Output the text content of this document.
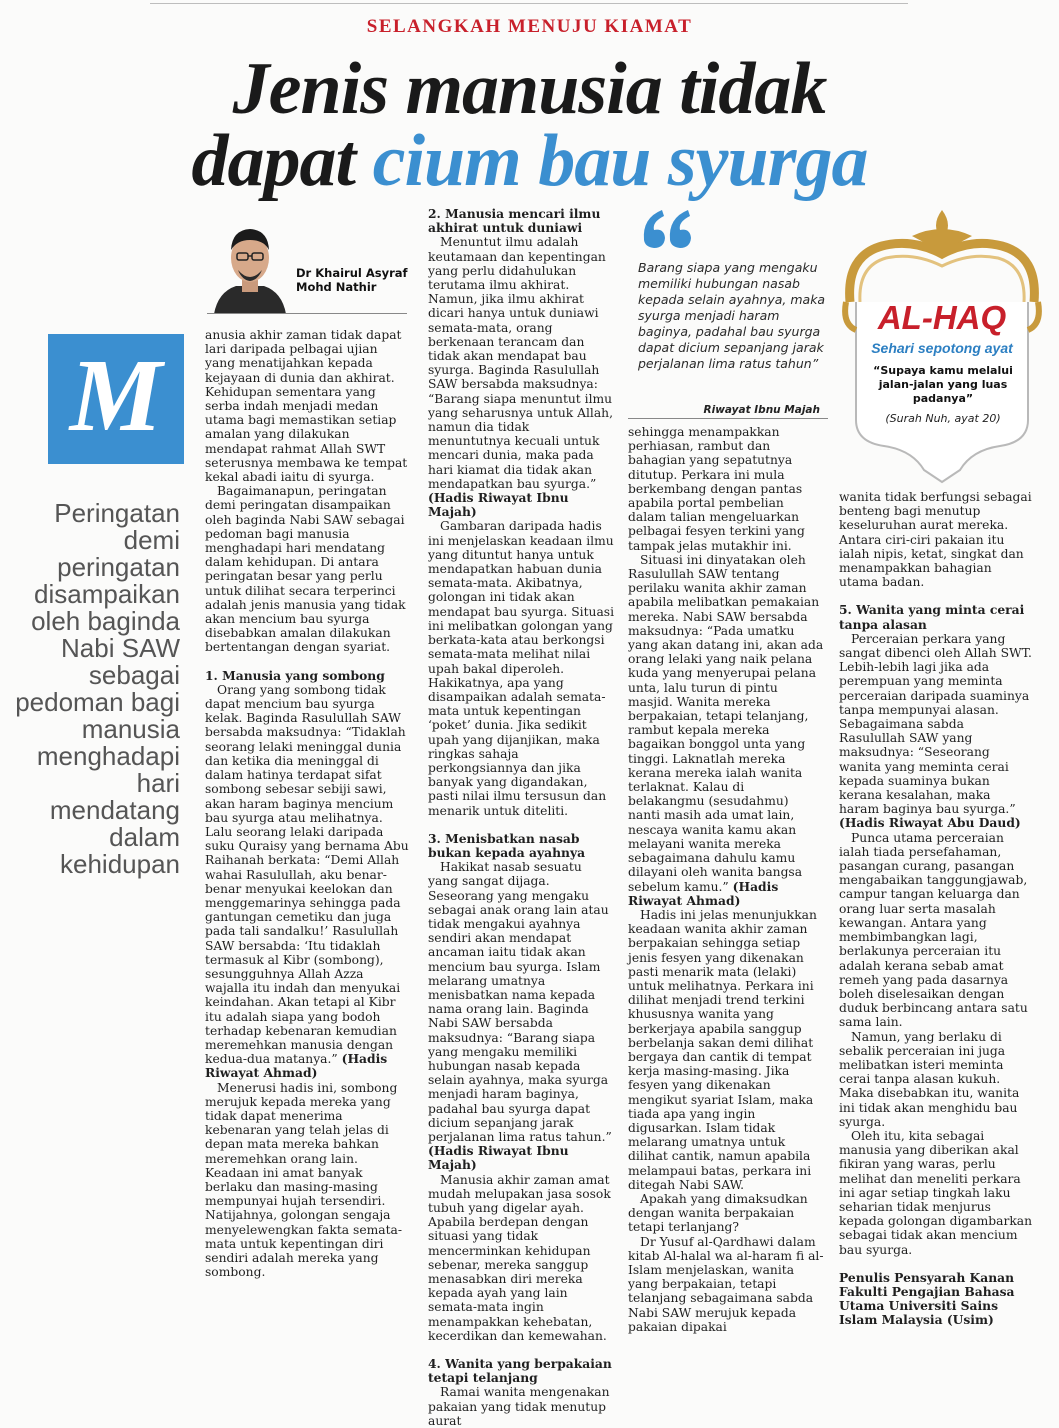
SELANGKAH MENUJU KIAMAT
Jenis manusia tidak
dapat cium bau syurga
Dr Khairul Asyraf
Mohd Nathir
M
Peringatan demi peringatan disampaikan oleh baginda Nabi SAW sebagai pedoman bagi manusia menghadapi hari mendatang dalam kehidupan

anusia akhir zaman tidak dapat lari daripada pelbagai ujian yang menatijahkan kepada kejayaan di dunia dan akhirat. Kehidupan sementara yang serba indah menjadi medan utama bagi memastikan setiap amalan yang dilakukan mendapat rahmat Allah SWT seterusnya membawa ke tempat kekal abadi iaitu di syurga.

Bagaimanapun, peringatan demi peringatan disampaikan oleh baginda Nabi SAW sebagai pedoman bagi manusia menghadapi hari mendatang dalam kehidupan. Di antara peringatan besar yang perlu untuk dilihat secara terperinci adalah jenis manusia yang tidak akan mencium bau syurga disebabkan amalan dilakukan bertentangan dengan syariat.

1. Manusia yang sombong

Orang yang sombong tidak dapat mencium bau syurga kelak. Baginda Rasulullah SAW bersabda maksudnya: “Tidaklah seorang lelaki meninggal dunia dan ketika dia meninggal di dalam hatinya terdapat sifat sombong sebesar sebiji sawi, akan haram baginya mencium bau syurga atau melihatnya. Lalu seorang lelaki daripada suku Quraisy yang bernama Abu Raihanah berkata: “Demi Allah wahai Rasulullah, aku benar-benar menyukai keelokan dan menggemarinya sehingga pada gantungan cemetiku dan juga pada tali sandalku!’ Rasulullah SAW bersabda: ‘Itu tidaklah termasuk al Kibr (sombong), sesungguhnya Allah Azza wajalla itu indah dan menyukai keindahan. Akan tetapi al Kibr itu adalah siapa yang bodoh terhadap kebenaran kemudian meremehkan manusia dengan kedua-dua matanya.” (Hadis Riwayat Ahmad)

Menerusi hadis ini, sombong merujuk kepada mereka yang tidak dapat menerima kebenaran yang telah jelas di depan mata mereka bahkan meremehkan orang lain. Keadaan ini amat banyak berlaku dan masing-masing mempunyai hujah tersendiri. Natijahnya, golongan sengaja menyelewengkan fakta semata-mata untuk kepentingan diri sendiri adalah mereka yang sombong.

2. Manusia mencari ilmu akhirat untuk duniawi

Menuntut ilmu adalah keutamaan dan kepentingan yang perlu didahulukan terutama ilmu akhirat. Namun, jika ilmu akhirat dicari hanya untuk duniawi semata-mata, orang berkenaan terancam dan tidak akan mendapat bau syurga. Baginda Rasulullah SAW bersabda maksudnya: “Barang siapa menuntut ilmu yang seharusnya untuk Allah, namun dia tidak menuntutnya kecuali untuk mencari dunia, maka pada hari kiamat dia tidak akan mendapatkan bau syurga.” (Hadis Riwayat Ibnu Majah)

Gambaran daripada hadis ini menjelaskan keadaan ilmu yang dituntut hanya untuk mendapatkan habuan dunia semata-mata. Akibatnya, golongan ini tidak akan mendapat bau syurga. Situasi ini melibatkan golongan yang berkata-kata atau berkongsi semata-mata melihat nilai upah bakal diperoleh. Hakikatnya, apa yang disampaikan adalah semata-mata untuk kepentingan ‘poket’ dunia. Jika sedikit upah yang dijanjikan, maka ringkas sahaja perkongsiannya dan jika banyak yang digandakan, pasti nilai ilmu tersusun dan menarik untuk diteliti.

3. Menisbatkan nasab bukan kepada ayahnya

Hakikat nasab sesuatu yang sangat dijaga. Seseorang yang mengaku sebagai anak orang lain atau tidak mengakui ayahnya sendiri akan mendapat ancaman iaitu tidak akan mencium bau syurga. Islam melarang umatnya menisbatkan nama kepada nama orang lain. Baginda Nabi SAW bersabda maksudnya: “Barang siapa yang mengaku memiliki hubungan nasab kepada selain ayahnya, maka syurga menjadi haram baginya, padahal bau syurga dapat dicium sepanjang jarak perjalanan lima ratus tahun.” (Hadis Riwayat Ibnu Majah)

Manusia akhir zaman amat mudah melupakan jasa sosok tubuh yang digelar ayah. Apabila berdepan dengan situasi yang tidak mencerminkan kehidupan sebenar, mereka sanggup menasabkan diri mereka kepada ayah yang lain semata-mata ingin menampakkan kehebatan, kecerdikan dan kemewahan.

4. Wanita yang berpakaian tetapi telanjang

Ramai wanita mengenakan pakaian yang tidak menutup aurat

Barang siapa yang mengaku memiliki hubungan nasab kepada selain ayahnya, maka syurga menjadi haram baginya, padahal bau syurga dapat dicium sepanjang jarak perjalanan lima ratus tahun”
Riwayat Ibnu Majah

sehingga menampakkan perhiasan, rambut dan bahagian yang sepatutnya ditutup. Perkara ini mula berkembang dengan pantas apabila portal pembelian dalam talian mengeluarkan pelbagai fesyen terkini yang tampak jelas mutakhir ini.

Situasi ini dinyatakan oleh Rasulullah SAW tentang perilaku wanita akhir zaman apabila melibatkan pemakaian mereka. Nabi SAW bersabda maksudnya: “Pada umatku yang akan datang ini, akan ada orang lelaki yang naik pelana kuda yang menyerupai pelana unta, lalu turun di pintu masjid. Wanita mereka berpakaian, tetapi telanjang, rambut kepala mereka bagaikan bonggol unta yang tinggi. Laknatlah mereka kerana mereka ialah wanita terlaknat. Kalau di belakangmu (sesudahmu) nanti masih ada umat lain, nescaya wanita kamu akan melayani wanita mereka sebagaimana dahulu kamu dilayani oleh wanita bangsa sebelum kamu.” (Hadis Riwayat Ahmad)

Hadis ini jelas menunjukkan keadaan wanita akhir zaman berpakaian sehingga setiap jenis fesyen yang dikenakan pasti menarik mata (lelaki) untuk melihatnya. Perkara ini dilihat menjadi trend terkini khususnya wanita yang berkerjaya apabila sanggup berbelanja sakan demi dilihat bergaya dan cantik di tempat kerja masing-masing. Jika fesyen yang dikenakan mengikut syariat Islam, maka tiada apa yang ingin digusarkan. Islam tidak melarang umatnya untuk dilihat cantik, namun apabila melampaui batas, perkara ini ditegah Nabi SAW.

Apakah yang dimaksudkan dengan wanita berpakaian tetapi terlanjang?

Dr Yusuf al-Qardhawi dalam kitab Al-halal wa al-haram fi al-Islam menjelaskan, wanita yang berpakaian, tetapi telanjang sebagaimana sabda Nabi SAW merujuk kepada pakaian dipakai

AL-HAQ
Sehari sepotong ayat
“Supaya kamu melalui jalan-jalan yang luas padanya”
(Surah Nuh, ayat 20)

wanita tidak berfungsi sebagai benteng bagi menutup keseluruhan aurat mereka. Antara ciri-ciri pakaian itu ialah nipis, ketat, singkat dan menampakkan bahagian utama badan.

5. Wanita yang minta cerai tanpa alasan

Perceraian perkara yang sangat dibenci oleh Allah SWT. Lebih-lebih lagi jika ada perempuan yang meminta perceraian daripada suaminya tanpa mempunyai alasan. Sebagaimana sabda Rasulullah SAW yang maksudnya: “Seseorang wanita yang meminta cerai kepada suaminya bukan kerana kesalahan, maka haram baginya bau syurga.” (Hadis Riwayat Abu Daud)

Punca utama perceraian ialah tiada persefahaman, pasangan curang, pasangan mengabaikan tanggungjawab, campur tangan keluarga dan orang luar serta masalah kewangan. Antara yang membimbangkan lagi, berlakunya perceraian itu adalah kerana sebab amat remeh yang pada dasarnya boleh diselesaikan dengan duduk berbincang antara satu sama lain.

Namun, yang berlaku di sebalik perceraian ini juga melibatkan isteri meminta cerai tanpa alasan kukuh. Maka disebabkan itu, wanita ini tidak akan menghidu bau syurga.

Oleh itu, kita sebagai manusia yang diberikan akal fikiran yang waras, perlu melihat dan meneliti perkara ini agar setiap tingkah laku seharian tidak menjurus kepada golongan digambarkan sebagai tidak akan mencium bau syurga.

Penulis Pensyarah Kanan Fakulti Pengajian Bahasa Utama Universiti Sains Islam Malaysia (Usim)
